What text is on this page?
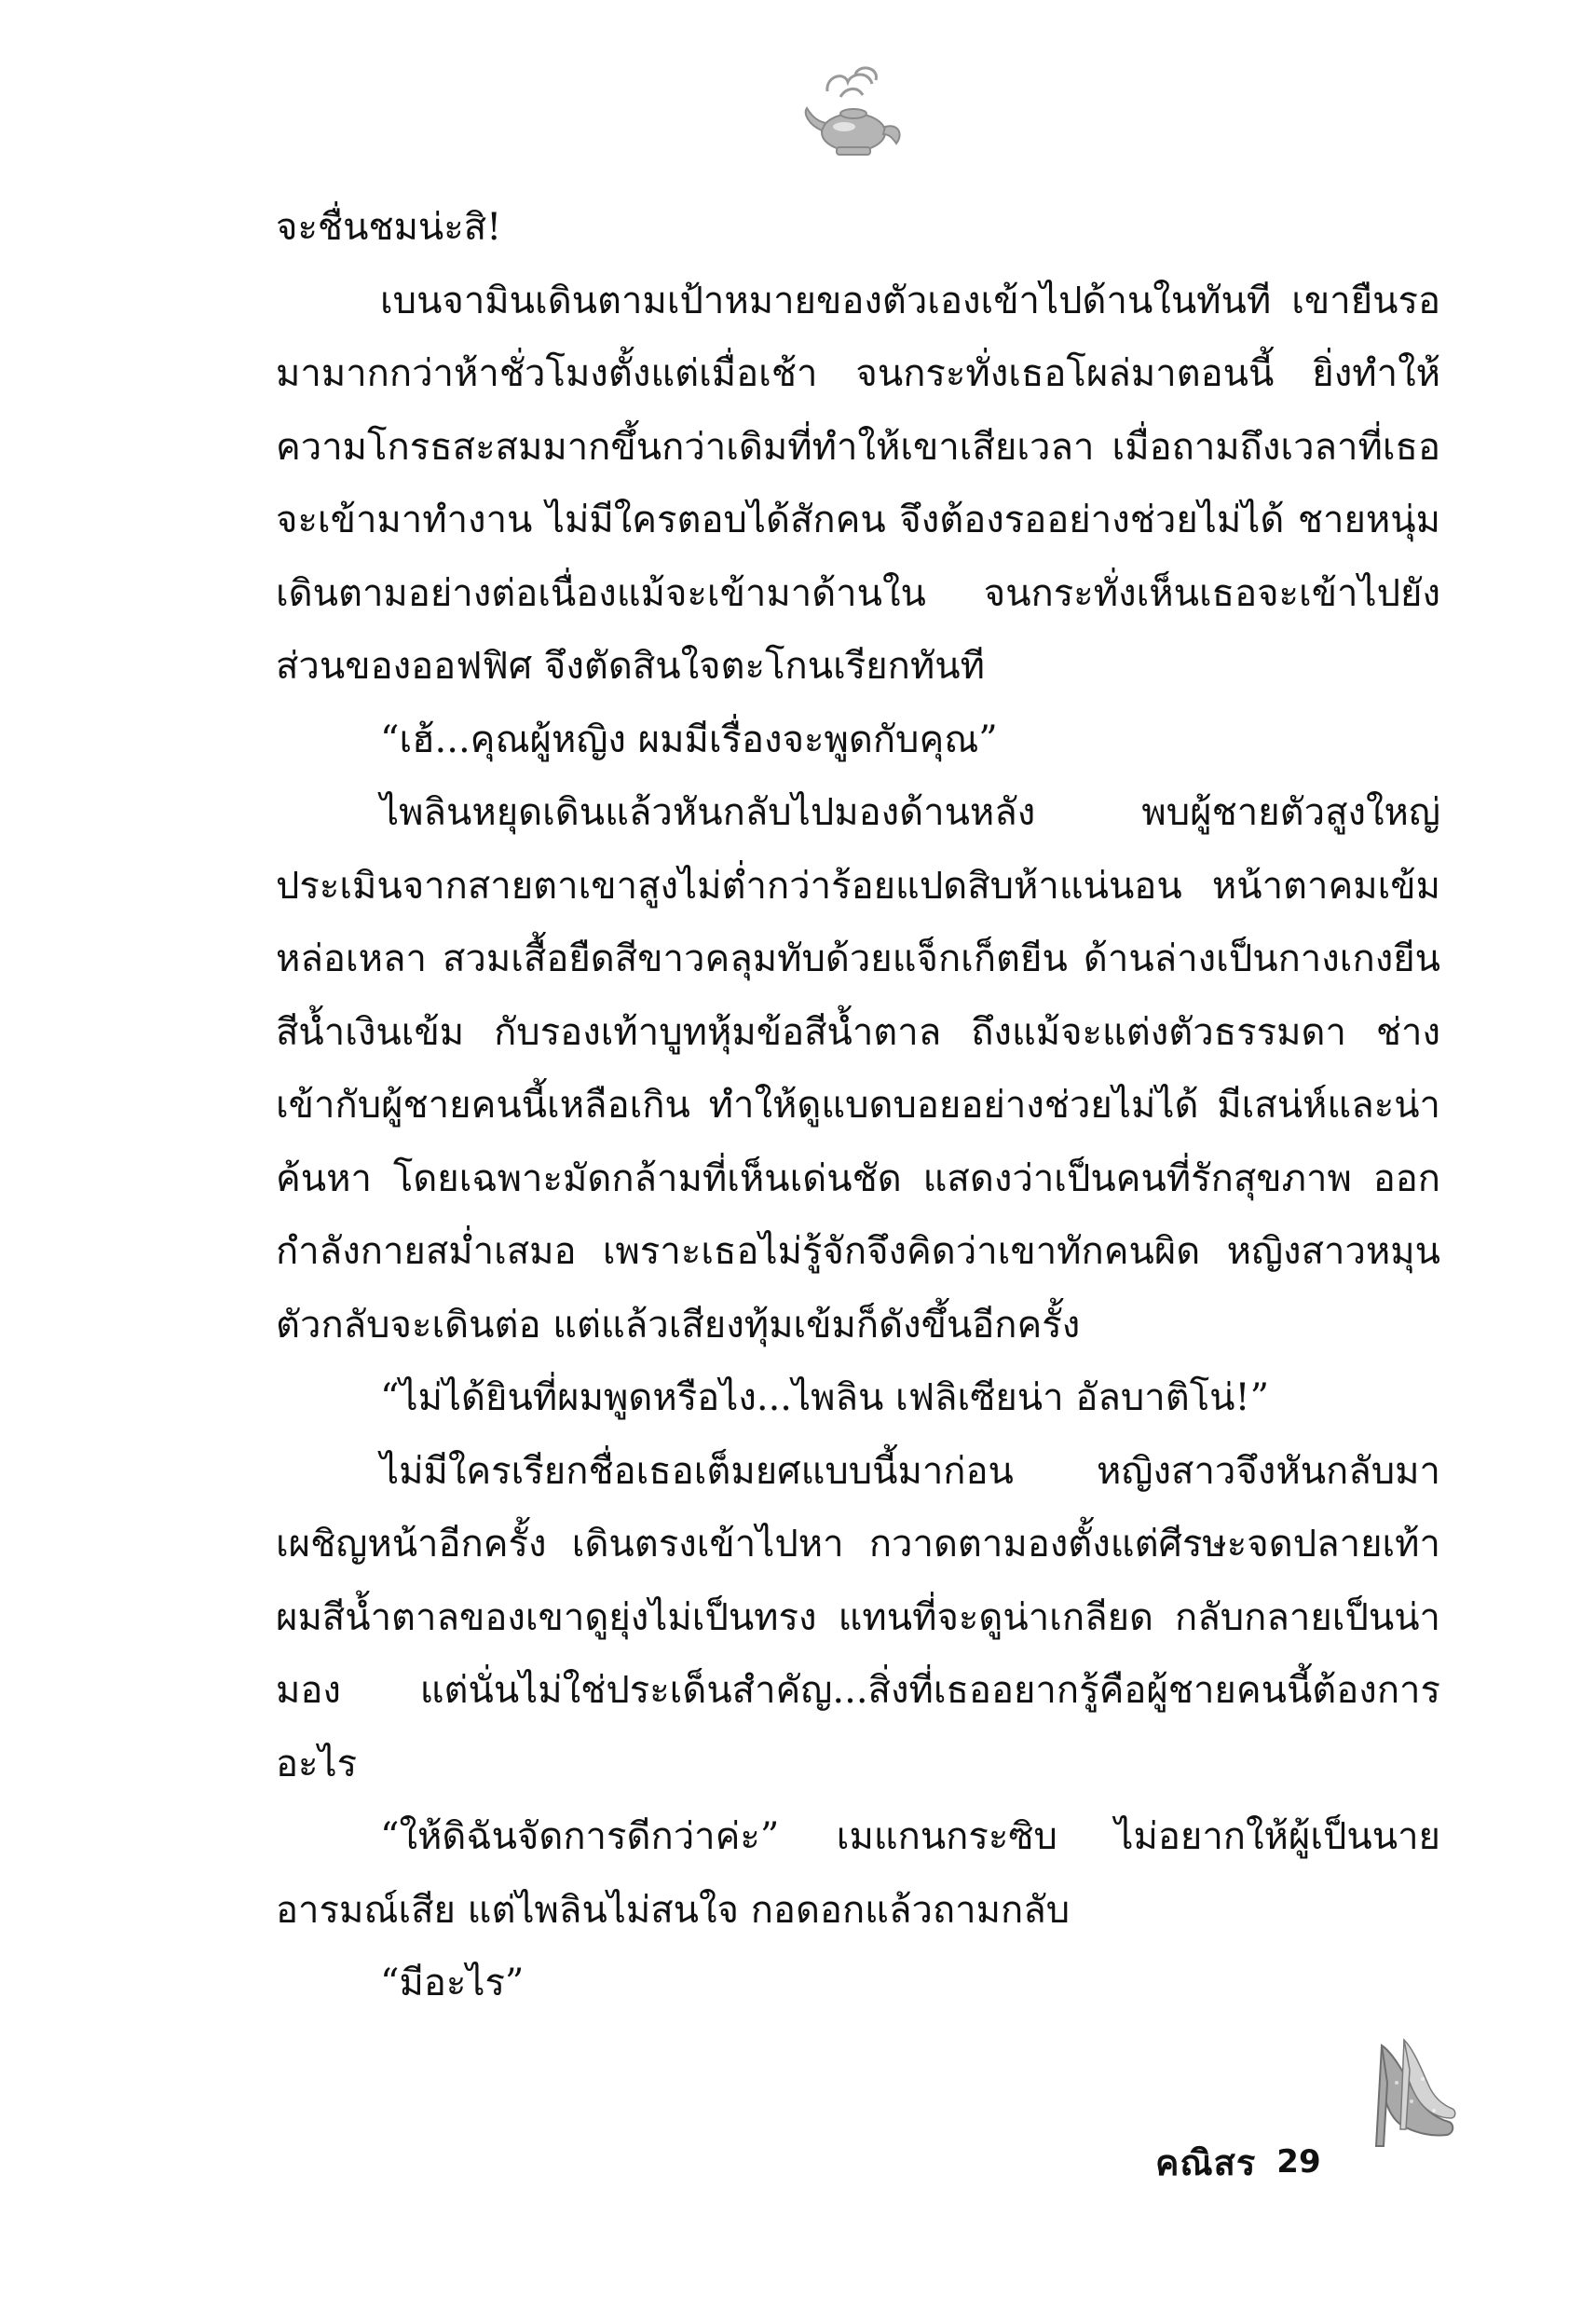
จะชื่นชมน่ะสิ!

เบนจามินเดินตามเป้าหมายของตัวเองเข้าไปด้านในทันที เขายืนรอมามากกว่าห้าชั่วโมงตั้งแต่เมื่อเช้า จนกระทั่งเธอโผล่มาตอนนี้ ยิ่งทำให้ความโกรธสะสมมากขึ้นกว่าเดิมที่ทำให้เขาเสียเวลา เมื่อถามถึงเวลาที่เธอจะเข้ามาทำงาน ไม่มีใครตอบได้สักคน จึงต้องรออย่างช่วยไม่ได้ ชายหนุ่มเดินตามอย่างต่อเนื่องแม้จะเข้ามาด้านใน จนกระทั่งเห็นเธอจะเข้าไปยังส่วนของออฟฟิศ จึงตัดสินใจตะโกนเรียกทันที

“เฮ้...คุณผู้หญิง ผมมีเรื่องจะพูดกับคุณ”

ไพลินหยุดเดินแล้วหันกลับไปมองด้านหลัง พบผู้ชายตัวสูงใหญ่ประเมินจากสายตาเขาสูงไม่ต่ำกว่าร้อยแปดสิบห้าแน่นอน หน้าตาคมเข้มหล่อเหลา สวมเสื้อยืดสีขาวคลุมทับด้วยแจ็กเก็ตยีน ด้านล่างเป็นกางเกงยีนสีน้ำเงินเข้ม กับรองเท้าบูทหุ้มข้อสีน้ำตาล ถึงแม้จะแต่งตัวธรรมดา ช่างเข้ากับผู้ชายคนนี้เหลือเกิน ทำให้ดูแบดบอยอย่างช่วยไม่ได้ มีเสน่ห์และน่าค้นหา โดยเฉพาะมัดกล้ามที่เห็นเด่นชัด แสดงว่าเป็นคนที่รักสุขภาพ ออกกำลังกายสม่ำเสมอ เพราะเธอไม่รู้จักจึงคิดว่าเขาทักคนผิด หญิงสาวหมุนตัวกลับจะเดินต่อ แต่แล้วเสียงทุ้มเข้มก็ดังขึ้นอีกครั้ง

“ไม่ได้ยินที่ผมพูดหรือไง...ไพลิน เฟลิเซียน่า อัลบาติโน่!”

ไม่มีใครเรียกชื่อเธอเต็มยศแบบนี้มาก่อน หญิงสาวจึงหันกลับมาเผชิญหน้าอีกครั้ง เดินตรงเข้าไปหา กวาดตามองตั้งแต่ศีรษะจดปลายเท้า ผมสีน้ำตาลของเขาดูยุ่งไม่เป็นทรง แทนที่จะดูน่าเกลียด กลับกลายเป็นน่ามอง แต่นั่นไม่ใช่ประเด็นสำคัญ...สิ่งที่เธออยากรู้คือผู้ชายคนนี้ต้องการอะไร

“ให้ดิฉันจัดการดีกว่าค่ะ” เมแกนกระซิบ ไม่อยากให้ผู้เป็นนายอารมณ์เสีย แต่ไพลินไม่สนใจ กอดอกแล้วถามกลับ

“มีอะไร”

คณิสร 29
